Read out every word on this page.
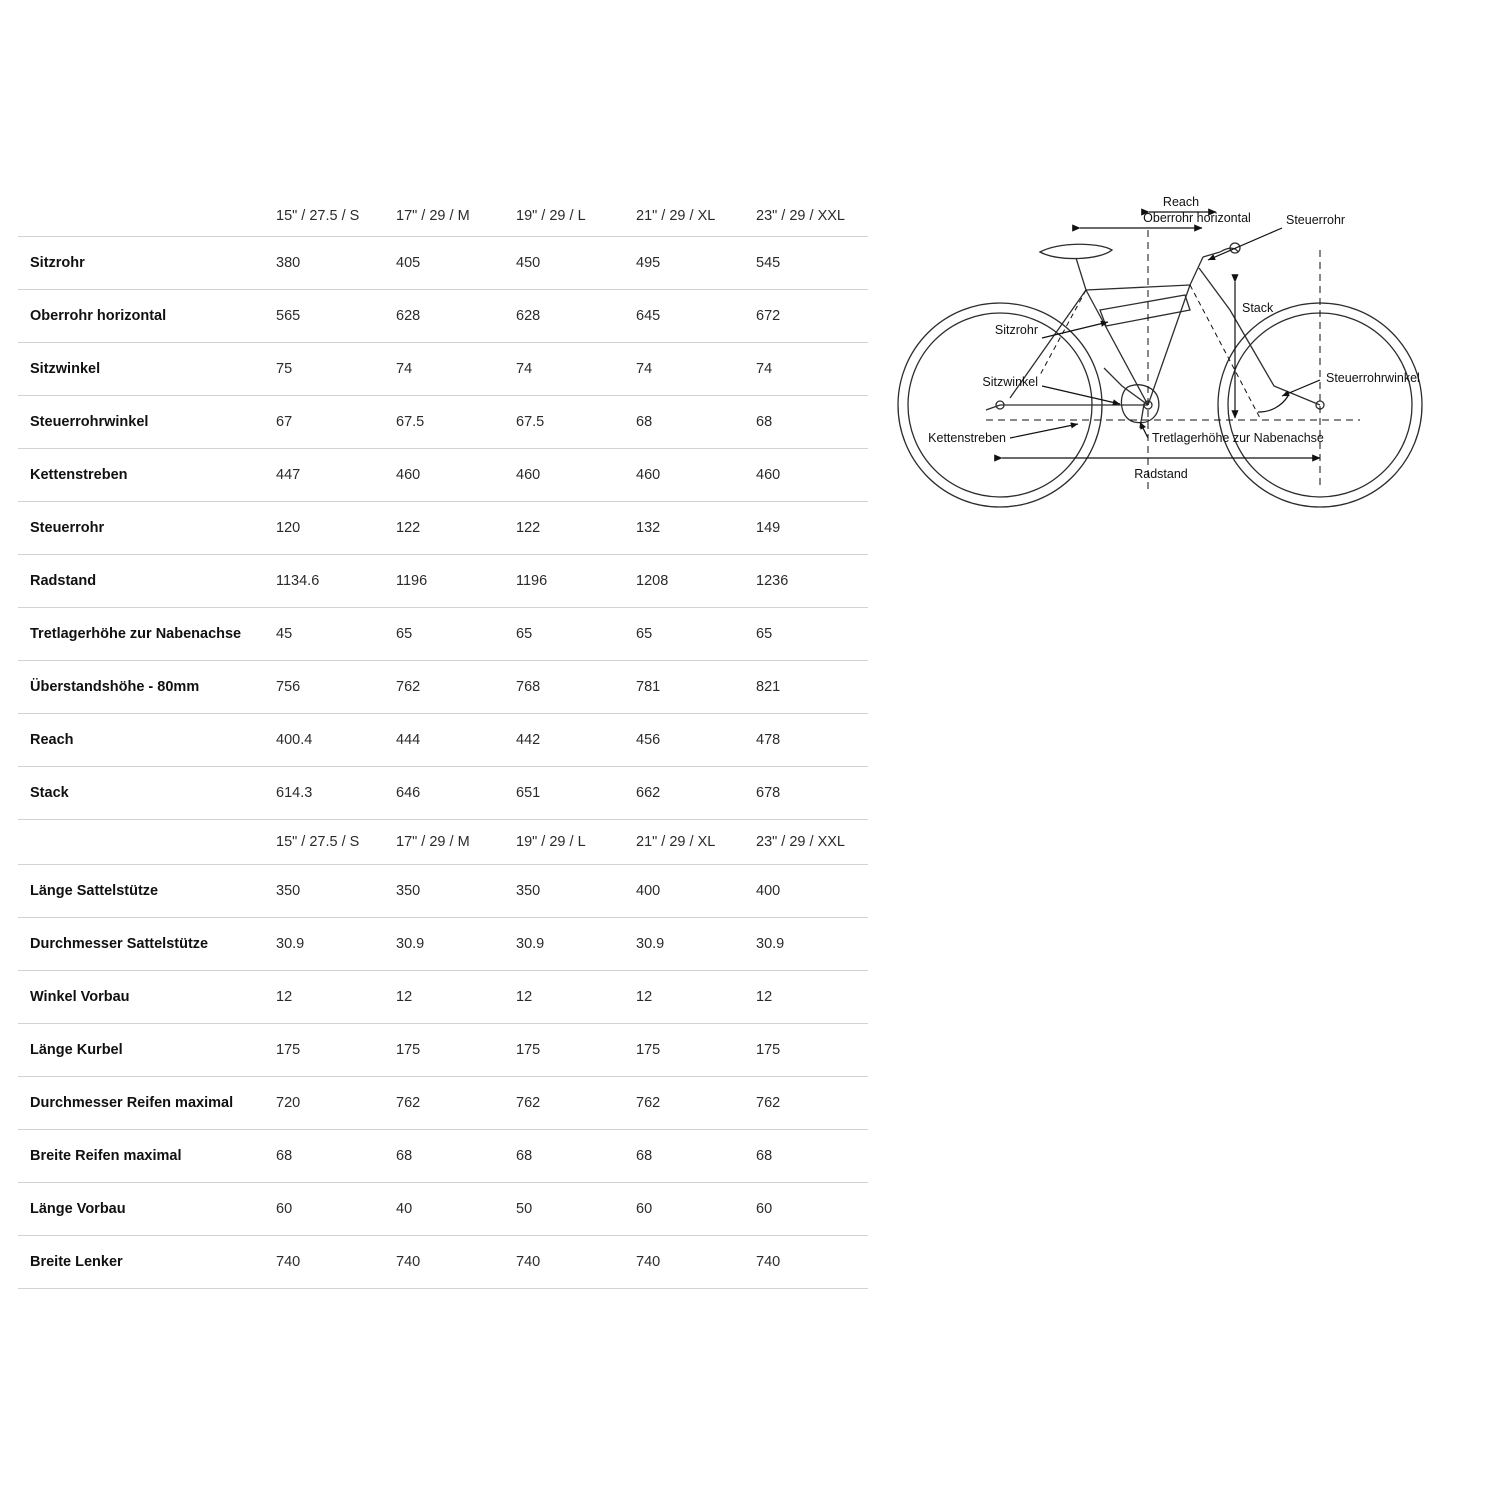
	15" / 27.5 / S	17" / 29 / M	19" / 29 / L	21" / 29 / XL	23" / 29 / XXL
Sitzrohr	380	405	450	495	545
Oberrohr horizontal	565	628	628	645	672
Sitzwinkel	75	74	74	74	74
Steuerrohrwinkel	67	67.5	67.5	68	68
Kettenstreben	447	460	460	460	460
Steuerrohr	120	122	122	132	149
Radstand	1134.6	1196	1196	1208	1236
Tretlagerhöhe zur Nabenachse	45	65	65	65	65
Überstandshöhe - 80mm	756	762	768	781	821
Reach	400.4	444	442	456	478
Stack	614.3	646	651	662	678
	15" / 27.5 / S	17" / 29 / M	19" / 29 / L	21" / 29 / XL	23" / 29 / XXL
Länge Sattelstütze	350	350	350	400	400
Durchmesser Sattelstütze	30.9	30.9	30.9	30.9	30.9
Winkel Vorbau	12	12	12	12	12
Länge Kurbel	175	175	175	175	175
Durchmesser Reifen maximal	720	762	762	762	762
Breite Reifen maximal	68	68	68	68	68
Länge Vorbau	60	40	50	60	60
Breite Lenker	740	740	740	740	740
Reach
Oberrohr horizontal	Steuerrohr
Stack
Sitzrohr
Steuerrohrwinkel
Sitzwinkel
Kettenstreben	Tretlagerhöhe zur Nabenachse
Radstand
